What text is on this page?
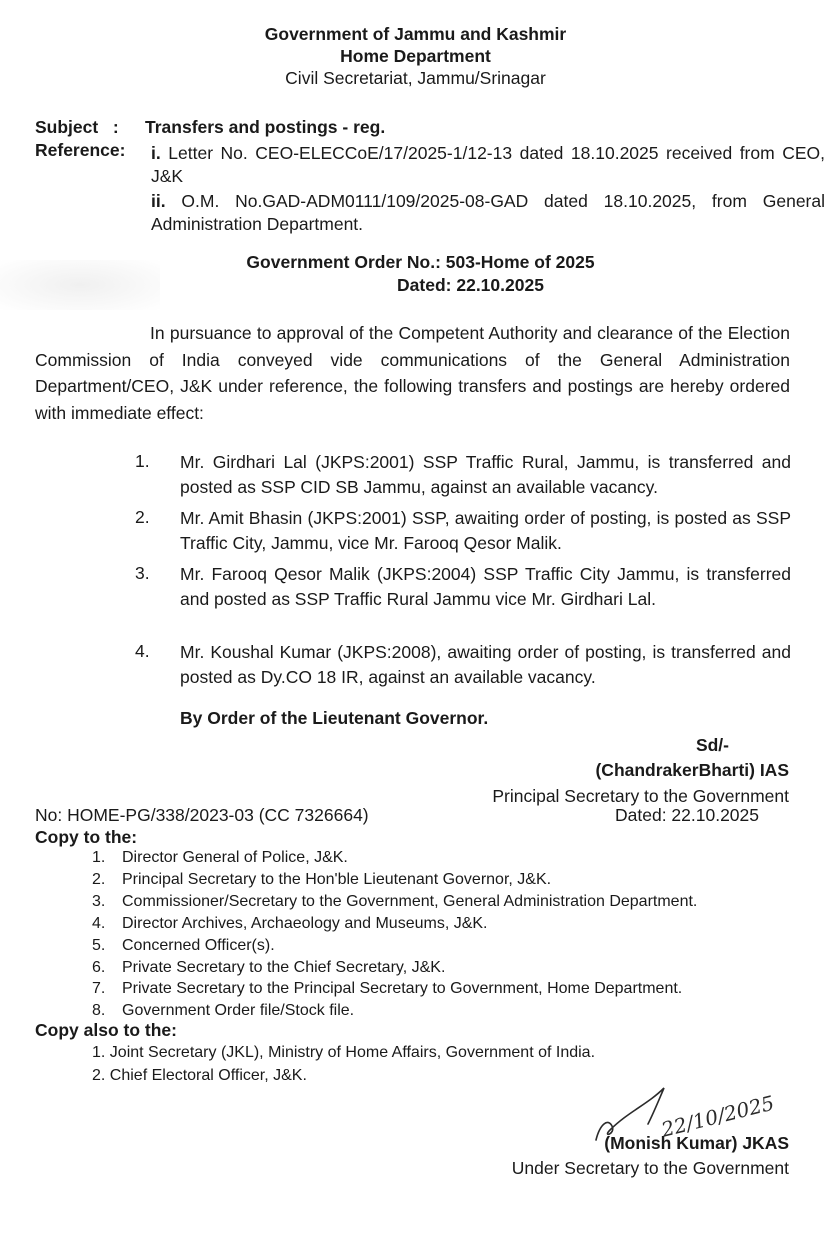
Government of Jammu and Kashmir
Home Department
Civil Secretariat, Jammu/Srinagar
Subject : Transfers and postings - reg.
Reference:	i. Letter No. CEO-ELECCoE/17/2025-1/12-13 dated 18.10.2025 received from CEO, J&K
ii. O.M. No.GAD-ADM0111/109/2025-08-GAD dated 18.10.2025, from General Administration Department.
Government Order No.: 503-Home of 2025
Dated: 22.10.2025
In pursuance to approval of the Competent Authority and clearance of the Election Commission of India conveyed vide communications of the General Administration Department/CEO, J&K under reference, the following transfers and postings are hereby ordered with immediate effect:
1.	Mr. Girdhari Lal (JKPS:2001) SSP Traffic Rural, Jammu, is transferred and posted as SSP CID SB Jammu, against an available vacancy.
2.	Mr. Amit Bhasin (JKPS:2001) SSP, awaiting order of posting, is posted as SSP Traffic City, Jammu, vice Mr. Farooq Qesor Malik.
3.	Mr. Farooq Qesor Malik (JKPS:2004) SSP Traffic City Jammu, is transferred and posted as SSP Traffic Rural Jammu vice Mr. Girdhari Lal.
4.	Mr. Koushal Kumar (JKPS:2008), awaiting order of posting, is transferred and posted as Dy.CO 18 IR, against an available vacancy.
By Order of the Lieutenant Governor.
Sd/-
(ChandrakerBharti) IAS
Principal Secretary to the Government
No: HOME-PG/338/2023-03 (CC 7326664)	Dated: 22.10.2025
Copy to the:
1.	Director General of Police, J&K.
2.	Principal Secretary to the Hon'ble Lieutenant Governor, J&K.
3.	Commissioner/Secretary to the Government, General Administration Department.
4.	Director Archives, Archaeology and Museums, J&K.
5.	Concerned Officer(s).
6.	Private Secretary to the Chief Secretary, J&K.
7.	Private Secretary to the Principal Secretary to Government, Home Department.
8.	Government Order file/Stock file.
Copy also to the:
1. Joint Secretary (JKL), Ministry of Home Affairs, Government of India.
2. Chief Electoral Officer, J&K.
22/10/2025
(Monish Kumar) JKAS
Under Secretary to the Government
